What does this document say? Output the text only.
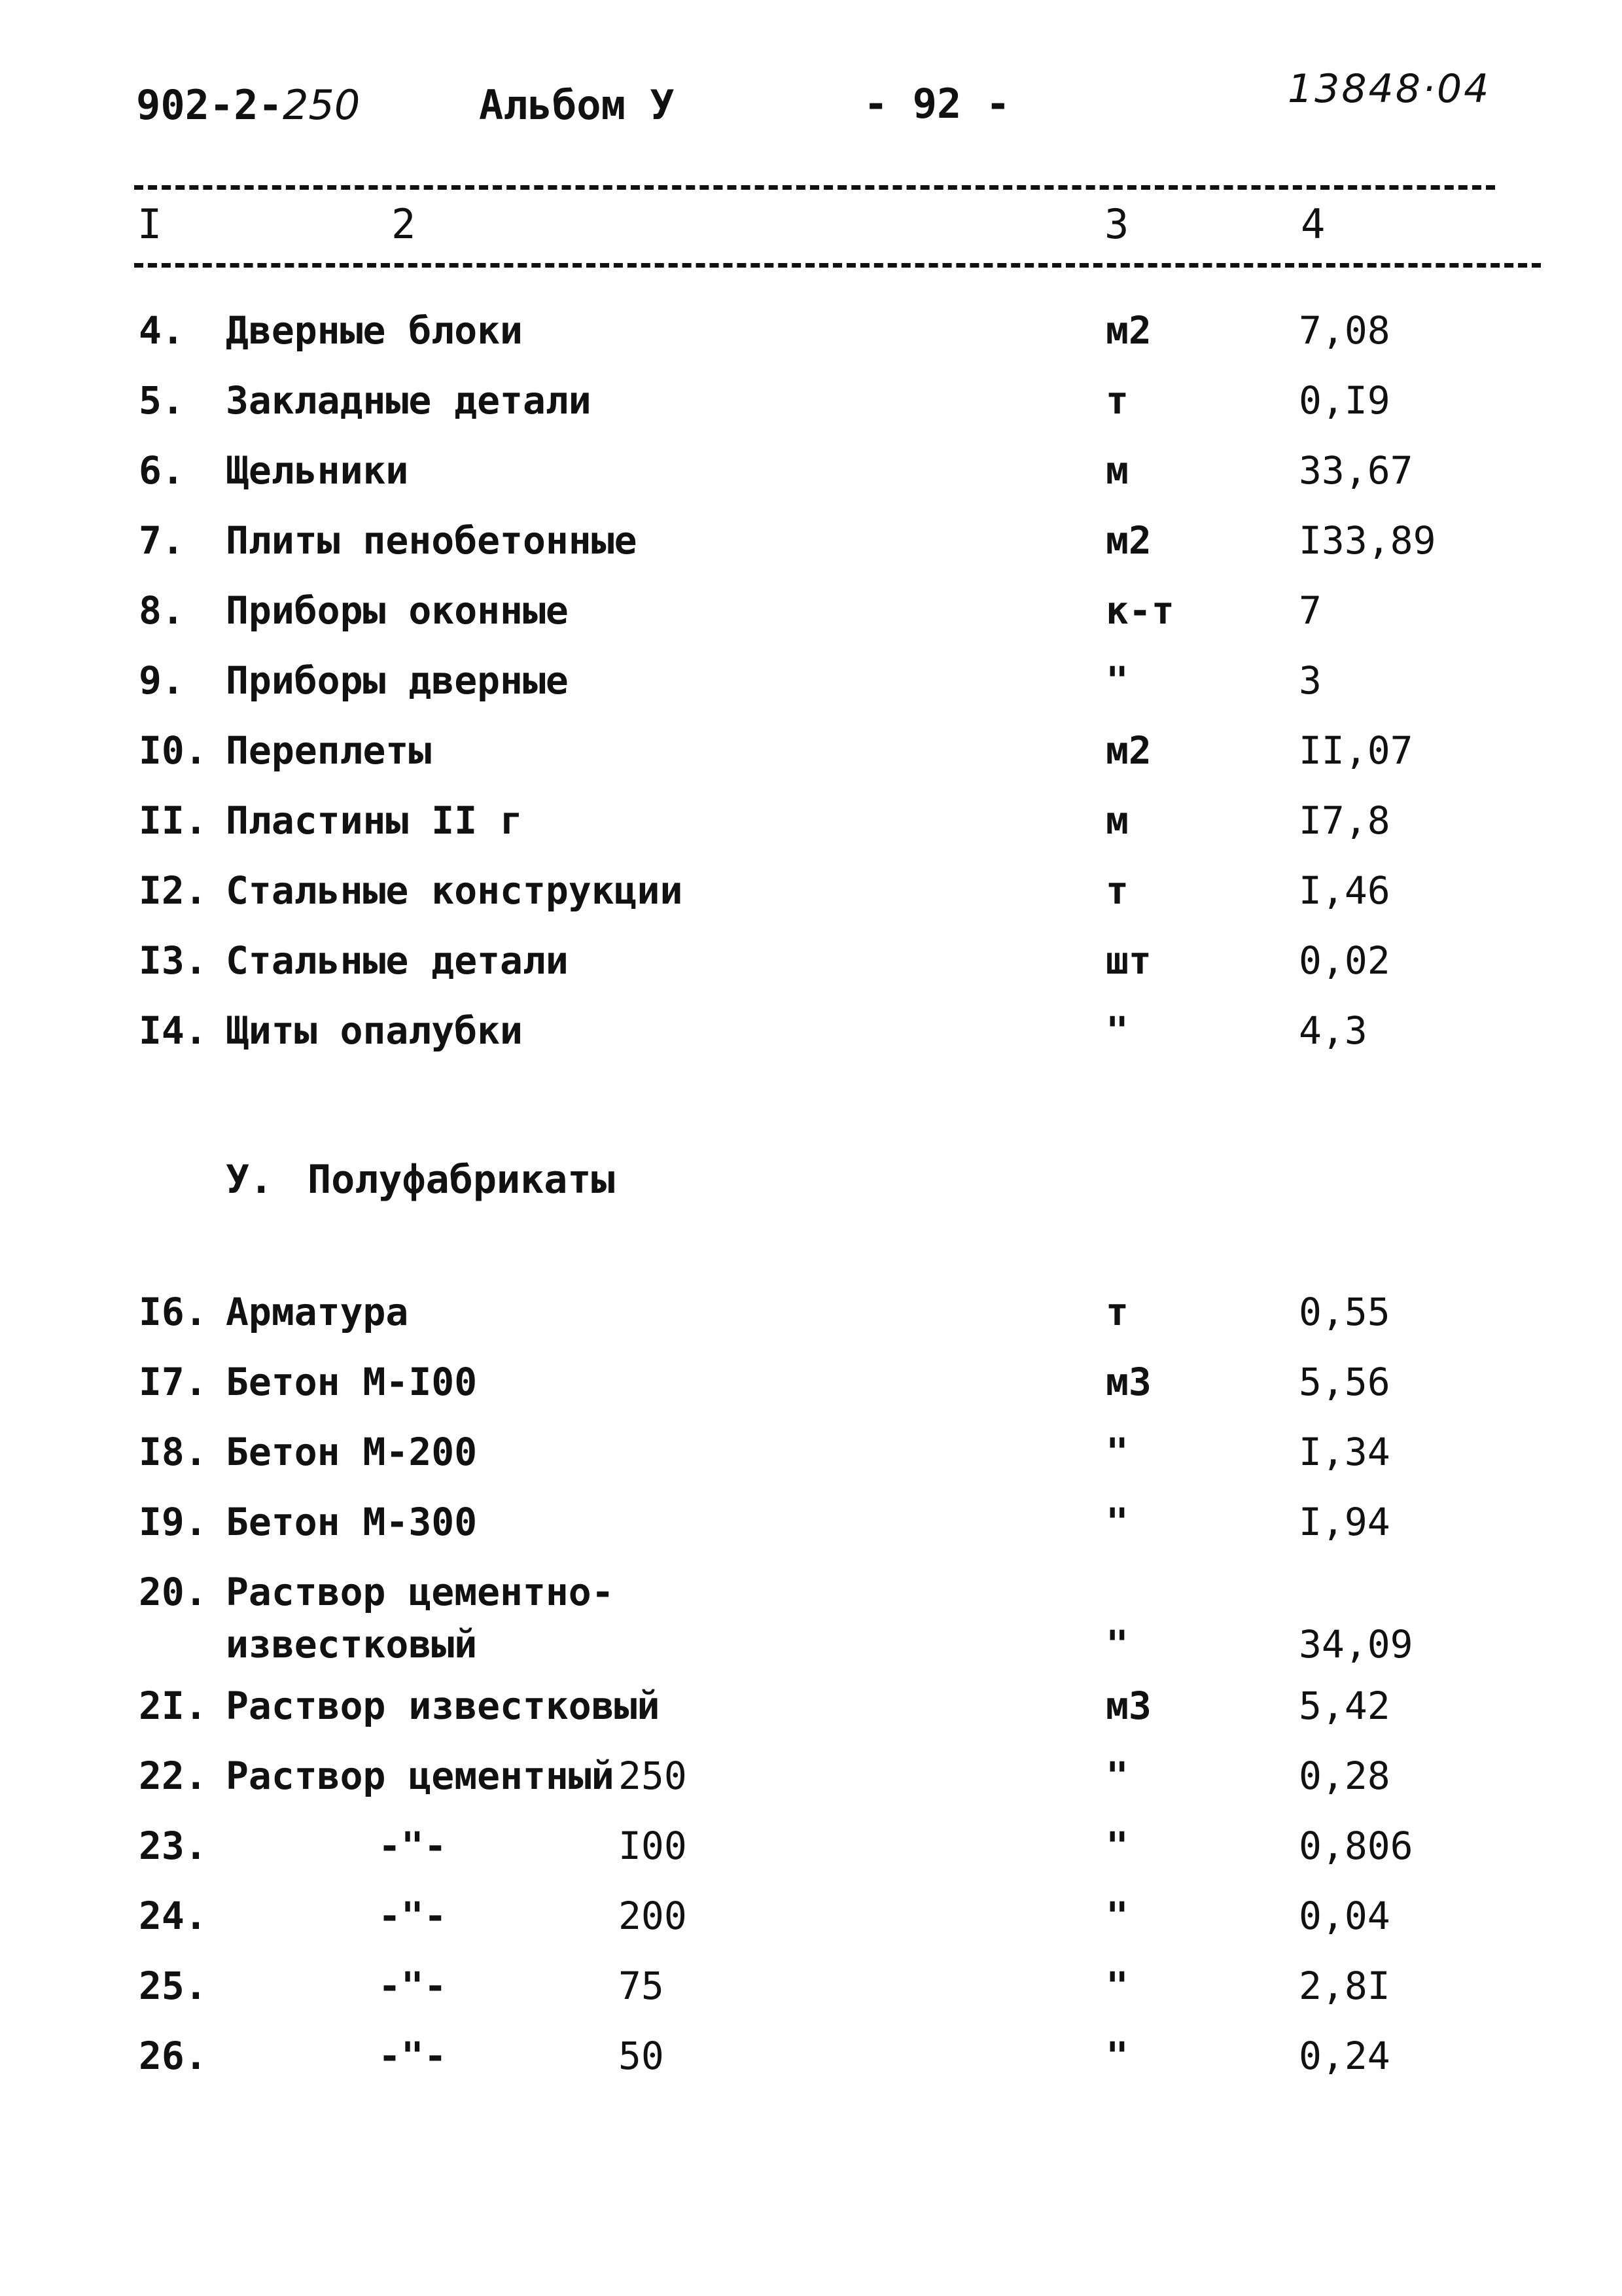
902-2-250	Альбом У	- 92 -	13848·04
I	2	3	4
4. Дверные блоки	м2	7,08
5. Закладные детали	т	0,I9
6. Щельники	м	33,67
7. Плиты пенобетонные	м2	I33,89
8. Приборы оконные	к-т	7
9. Приборы дверные	"	3
I0. Переплеты	м2	II,07
II. Пластины II г	м	I7,8
I2. Стальные конструкции	т	I,46
I3. Стальные детали	шт	0,02
I4. Щиты опалубки	"	4,3
У. Полуфабрикаты
I6. Арматура	т	0,55
I7. Бетон М-I00	м3	5,56
I8. Бетон М-200	"	I,34
I9. Бетон М-300	"	I,94
20. Раствор цементно-
известковый	"	34,09
2I. Раствор известковый	м3	5,42
22. Раствор цементный 250	"	0,28
23.	-"-	I00	"	0,806
24.	-"-	200	"	0,04
25.	-"-	75	"	2,8I
26.	-"-	50	"	0,24
